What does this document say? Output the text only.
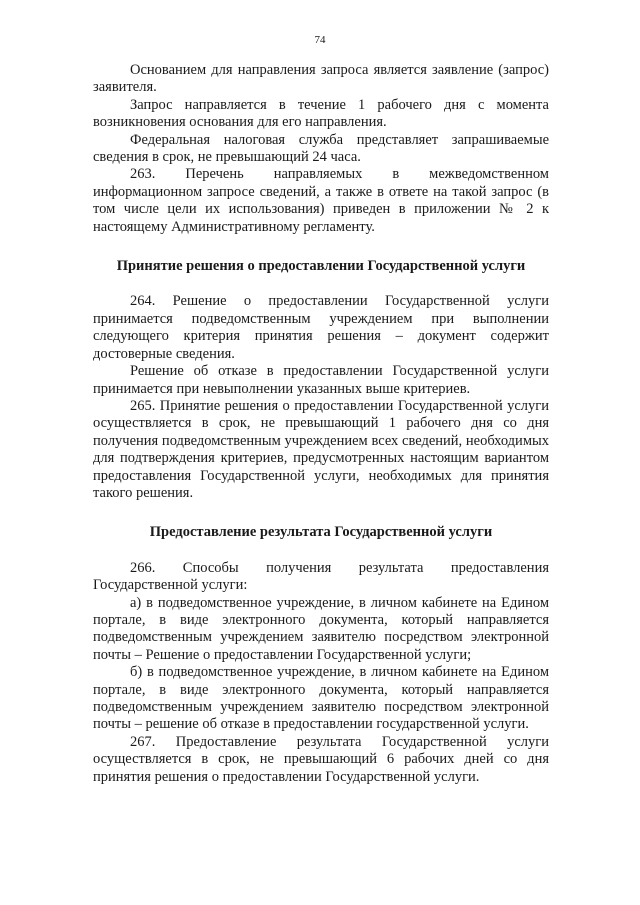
74

Основанием для направления запроса является заявление (запрос) заявителя.

Запрос направляется в течение 1 рабочего дня с момента возникновения основания для его направления.

Федеральная налоговая служба представляет запрашиваемые сведения в срок, не превышающий 24 часа.

263. Перечень направляемых в межведомственном информационном запросе сведений, а также в ответе на такой запрос (в том числе цели их использования) приведен в приложении № 2 к настоящему Административному регламенту.

Принятие решения о предоставлении Государственной услуги

264. Решение о предоставлении Государственной услуги принимается подведомственным учреждением при выполнении следующего критерия принятия решения – документ содержит достоверные сведения.

Решение об отказе в предоставлении Государственной услуги принимается при невыполнении указанных выше критериев.

265. Принятие решения о предоставлении Государственной услуги осуществляется в срок, не превышающий 1 рабочего дня со дня получения подведомственным учреждением всех сведений, необходимых для подтверждения критериев, предусмотренных настоящим вариантом предоставления Государственной услуги, необходимых для принятия такого решения.

Предоставление результата Государственной услуги

266. Способы получения результата предоставления Государственной услуги:

а) в подведомственное учреждение, в личном кабинете на Едином портале, в виде электронного документа, который направляется подведомственным учреждением заявителю посредством электронной почты – Решение о предоставлении Государственной услуги;

б) в подведомственное учреждение, в личном кабинете на Едином портале, в виде электронного документа, который направляется подведомственным учреждением заявителю посредством электронной почты – решение об отказе в предоставлении государственной услуги.

267. Предоставление результата Государственной услуги осуществляется в срок, не превышающий 6 рабочих дней со дня принятия решения о предоставлении Государственной услуги.
